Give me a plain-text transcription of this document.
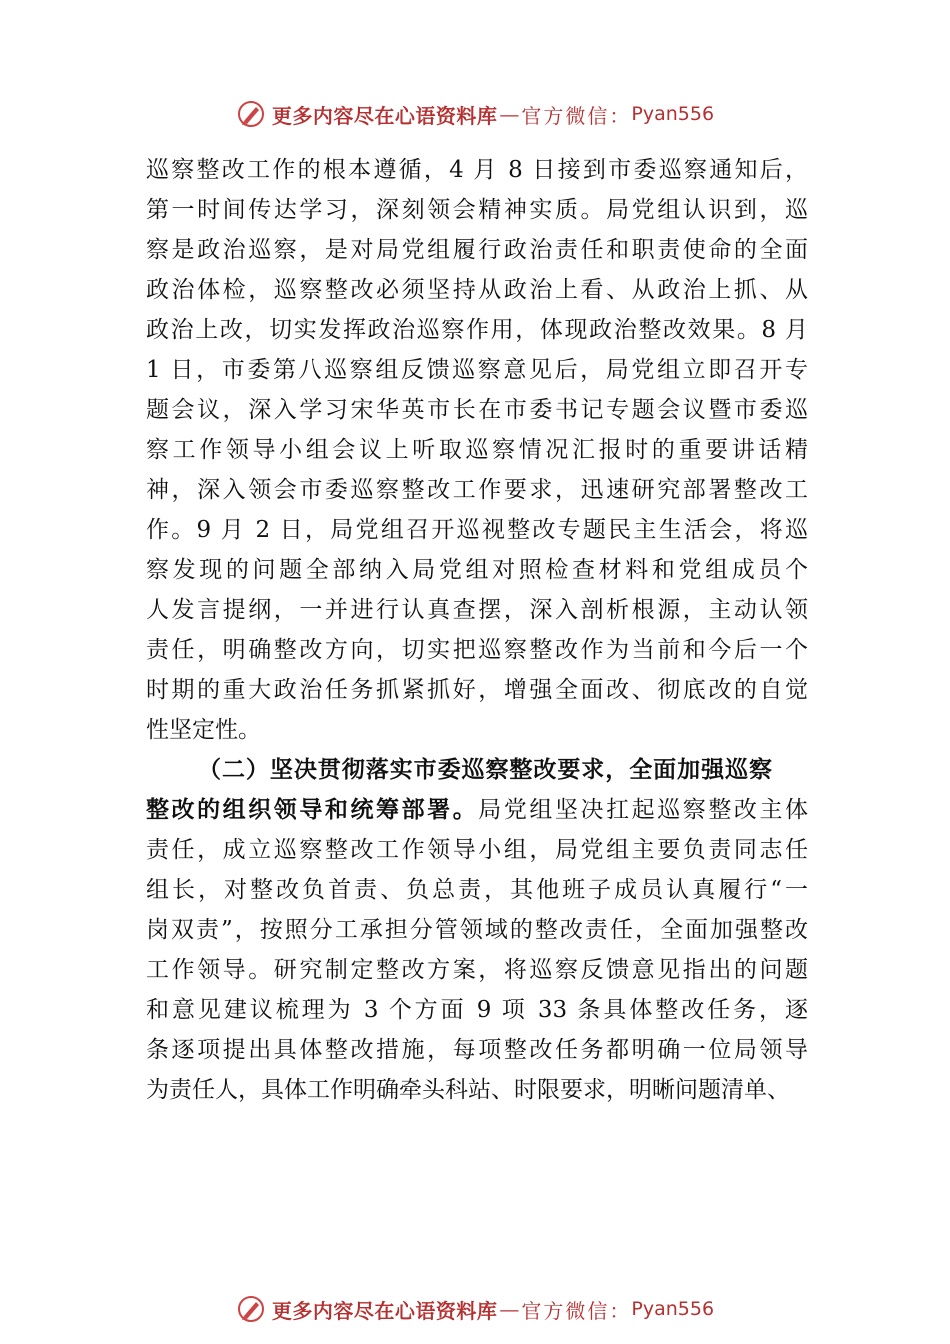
更多内容尽在心语资料库 — 官方微信： Pyan556
巡察整改工作的根本遵循，4 月 8 日接到市委巡察通知后，
第一时间传达学习，深刻领会精神实质。局党组认识到，巡
察是政治巡察，是对局党组履行政治责任和职责使命的全面
政治体检，巡察整改必须坚持从政治上看、从政治上抓、从
政治上改，切实发挥政治巡察作用，体现政治整改效果。8 月
1 日，市委第八巡察组反馈巡察意见后，局党组立即召开专
题会议，深入学习宋华英市长在市委书记专题会议暨市委巡
察工作领导小组会议上听取巡察情况汇报时的重要讲话精
神，深入领会市委巡察整改工作要求，迅速研究部署整改工
作。9 月 2 日，局党组召开巡视整改专题民主生活会，将巡
察发现的问题全部纳入局党组对照检查材料和党组成员个
人发言提纲，一并进行认真查摆，深入剖析根源，主动认领
责任，明确整改方向，切实把巡察整改作为当前和今后一个
时期的重大政治任务抓紧抓好，增强全面改、彻底改的自觉
性坚定性。
（二）坚决贯彻落实市委巡察整改要求，全面加强巡察
整改的组织领导和统筹部署。局党组坚决扛起巡察整改主体
责任，成立巡察整改工作领导小组，局党组主要负责同志任
组长，对整改负首责、负总责，其他班子成员认真履行“一
岗双责”，按照分工承担分管领域的整改责任，全面加强整改
工作领导。研究制定整改方案，将巡察反馈意见指出的问题
和意见建议梳理为 3 个方面 9 项 33 条具体整改任务，逐
条逐项提出具体整改措施，每项整改任务都明确一位局领导
为责任人，具体工作明确牵头科站、时限要求，明晰问题清单、
更多内容尽在心语资料库 — 官方微信： Pyan556
